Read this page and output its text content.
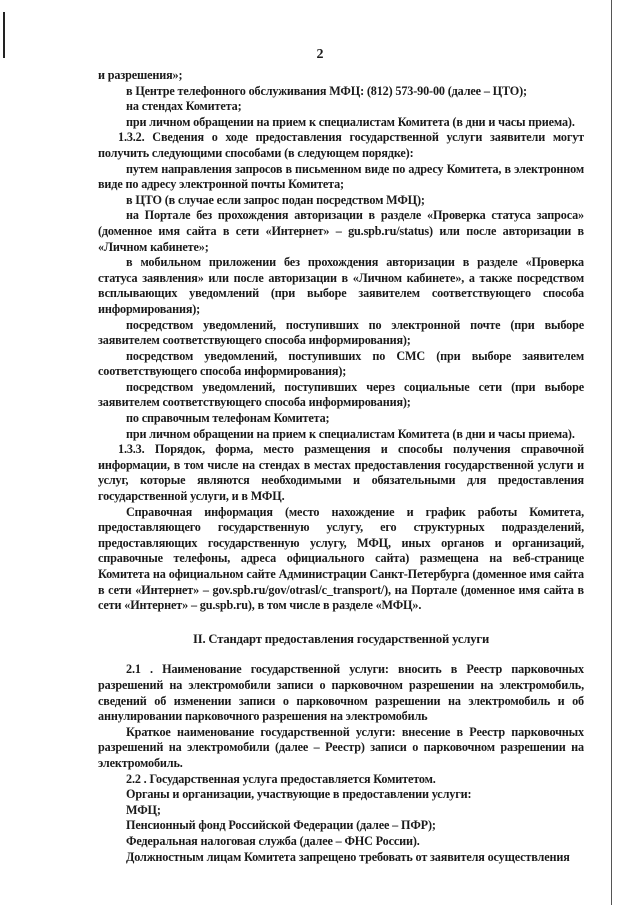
2

и разрешения»;

в Центре телефонного обслуживания МФЦ: (812) 573-90-00 (далее – ЦТО);

на стендах Комитета;

при личном обращении на прием к специалистам Комитета (в дни и часы приема).

1.3.2. Сведения о ходе предоставления государственной услуги заявители могут получить следующими способами (в следующем порядке):

путем направления запросов в письменном виде по адресу Комитета, в электронном виде по адресу электронной почты Комитета;

в ЦТО (в случае если запрос подан посредством МФЦ);

на Портале без прохождения авторизации в разделе «Проверка статуса запроса» (доменное имя сайта в сети «Интернет» – gu.spb.ru/status) или после авторизации в «Личном кабинете»;

в мобильном приложении без прохождения авторизации в разделе «Проверка статуса заявления» или после авторизации в «Личном кабинете», а также посредством всплывающих уведомлений (при выборе заявителем соответствующего способа информирования);

посредством уведомлений, поступивших по электронной почте (при выборе заявителем соответствующего способа информирования);

посредством уведомлений, поступивших по СМС (при выборе заявителем соответствующего способа информирования);

посредством уведомлений, поступивших через социальные сети (при выборе заявителем соответствующего способа информирования);

по справочным телефонам Комитета;

при личном обращении на прием к специалистам Комитета (в дни и часы приема).

1.3.3. Порядок, форма, место размещения и способы получения справочной информации, в том числе на стендах в местах предоставления государственной услуги и услуг, которые являются необходимыми и обязательными для предоставления государственной услуги, и в МФЦ.

Справочная информация (место нахождение и график работы Комитета, предоставляющего государственную услугу, его структурных подразделений, предоставляющих государственную услугу, МФЦ, иных органов и организаций, справочные телефоны, адреса официального сайта) размещена на веб-странице Комитета на официальном сайте Администрации Санкт-Петербурга (доменное имя сайта в сети «Интернет» – gov.spb.ru/gov/otrasl/c_transport/), на Портале (доменное имя сайта в сети «Интернет» – gu.spb.ru), в том числе в разделе «МФЦ».

II. Стандарт предоставления государственной услуги

2.1 . Наименование государственной услуги: вносить в Реестр парковочных разрешений на электромобили записи о парковочном разрешении на электромобиль, сведений об изменении записи о парковочном разрешении на электромобиль и об аннулировании парковочного разрешения на электромобиль

Краткое наименование государственной услуги: внесение в Реестр парковочных разрешений на электромобили (далее – Реестр) записи о парковочном разрешении на электромобиль.

2.2 . Государственная услуга предоставляется Комитетом.

Органы и организации, участвующие в предоставлении услуги:

МФЦ;

Пенсионный фонд Российской Федерации (далее – ПФР);

Федеральная налоговая служба (далее – ФНС России).

Должностным лицам Комитета запрещено требовать от заявителя осуществления
